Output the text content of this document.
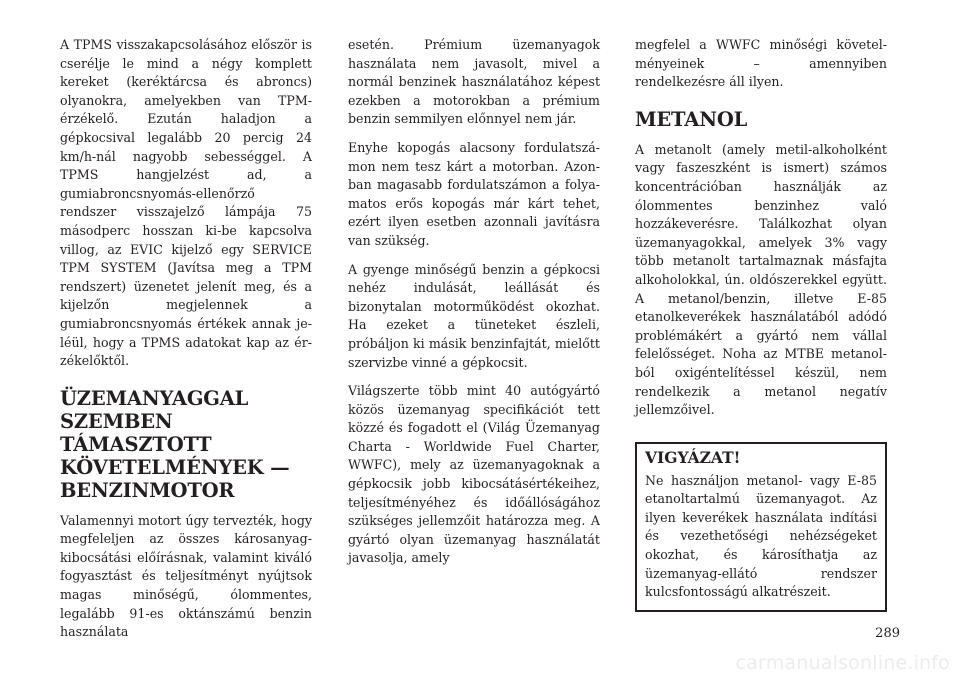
A TPMS visszakapcsolásához először is cserélje le mind a négy komplett kereket (keréktárcsa és abroncs) olyanokra, amelyekben van TPM-érzékelő. Ezután haladjon a gépkocsival legalább 20 percig 24 km/h-nál nagyobb sebességgel. A TPMS hangjelzést ad, a gumiabroncsnyomás-ellenőrző rendszer visszajelző lámpája 75 másodperc hosszan ki-be kapcsolva villog, az EVIC kijelző egy SERVICE TPM SYSTEM (Javítsa meg a TPM rendszert) üzenetet jelenít meg, és a kijelzőn megjelennek a gumiabroncsnyomás értékek annak jeléül, hogy a TPMS adatokat kap az érzékelőktől.

ÜZEMANYAGGAL
SZEMBEN
TÁMASZTOTT
KÖVETELMÉNYEK —
BENZINMOTOR

Valamennyi motort úgy tervezték, hogy megfeleljen az összes károsanyag-kibocsátási előírásnak, valamint kiváló fogyasztást és teljesítményt nyújtsok magas minőségű, ólommentes, legalább 91-es oktánszámú benzin használata

esetén. Prémium üzemanyagok használata nem javasolt, mivel a normál benzinek használatához képest ezekben a motorokban a prémium benzin semmilyen előnnyel nem jár.

Enyhe kopogás alacsony fordulatszámon nem tesz kárt a motorban. Azonban magasabb fordulatszámon a folyamatos erős kopogás már kárt tehet, ezért ilyen esetben azonnali javításra van szükség.

A gyenge minőségű benzin a gépkocsi nehéz indulását, leállását és bizonytalan motorműködést okozhat. Ha ezeket a tüneteket észleli, próbáljon ki másik benzinfajtát, mielőtt szervizbe vinné a gépkocsit.

Világszerte több mint 40 autógyártó közös üzemanyag specifikációt tett közzé és fogadott el (Világ Üzemanyag Charta - Worldwide Fuel Charter, WWFC), mely az üzemanyagoknak a gépkocsik jobb kibocsátásértékeihez, teljesítményéhez és időállóságához szükséges jellemzőit határozza meg. A gyártó olyan üzemanyag használatát javasolja, amely

megfelel a WWFC minőségi követelményeinek – amennyiben rendelkezésre áll ilyen.

METANOL

A metanolt (amely metil-alkoholként vagy faszeszként is ismert) számos koncentrációban használják az ólommentes benzinhez való hozzákeverésre. Találkozhat olyan üzemanyagokkal, amelyek 3% vagy több metanolt tartalmaznak másfajta alkoholokkal, ún. oldószerekkel együtt. A metanol/benzin, illetve E-85 etanolkeverékek használatából adódó problémákért a gyártó nem vállal felelősséget. Noha az MTBE metanolból oxigéntelítéssel készül, nem rendelkezik a metanol negatív jellemzőivel.

VIGYÁZAT!

Ne használjon metanol- vagy E-85 etanoltartalmú üzemanyagot. Az ilyen keverékek használata indítási és vezethetőségi nehézségeket okozhat, és károsíthatja az üzemanyag-ellátó rendszer kulcsfontosságú alkatrészeit.

289
carmanualsonline.info
